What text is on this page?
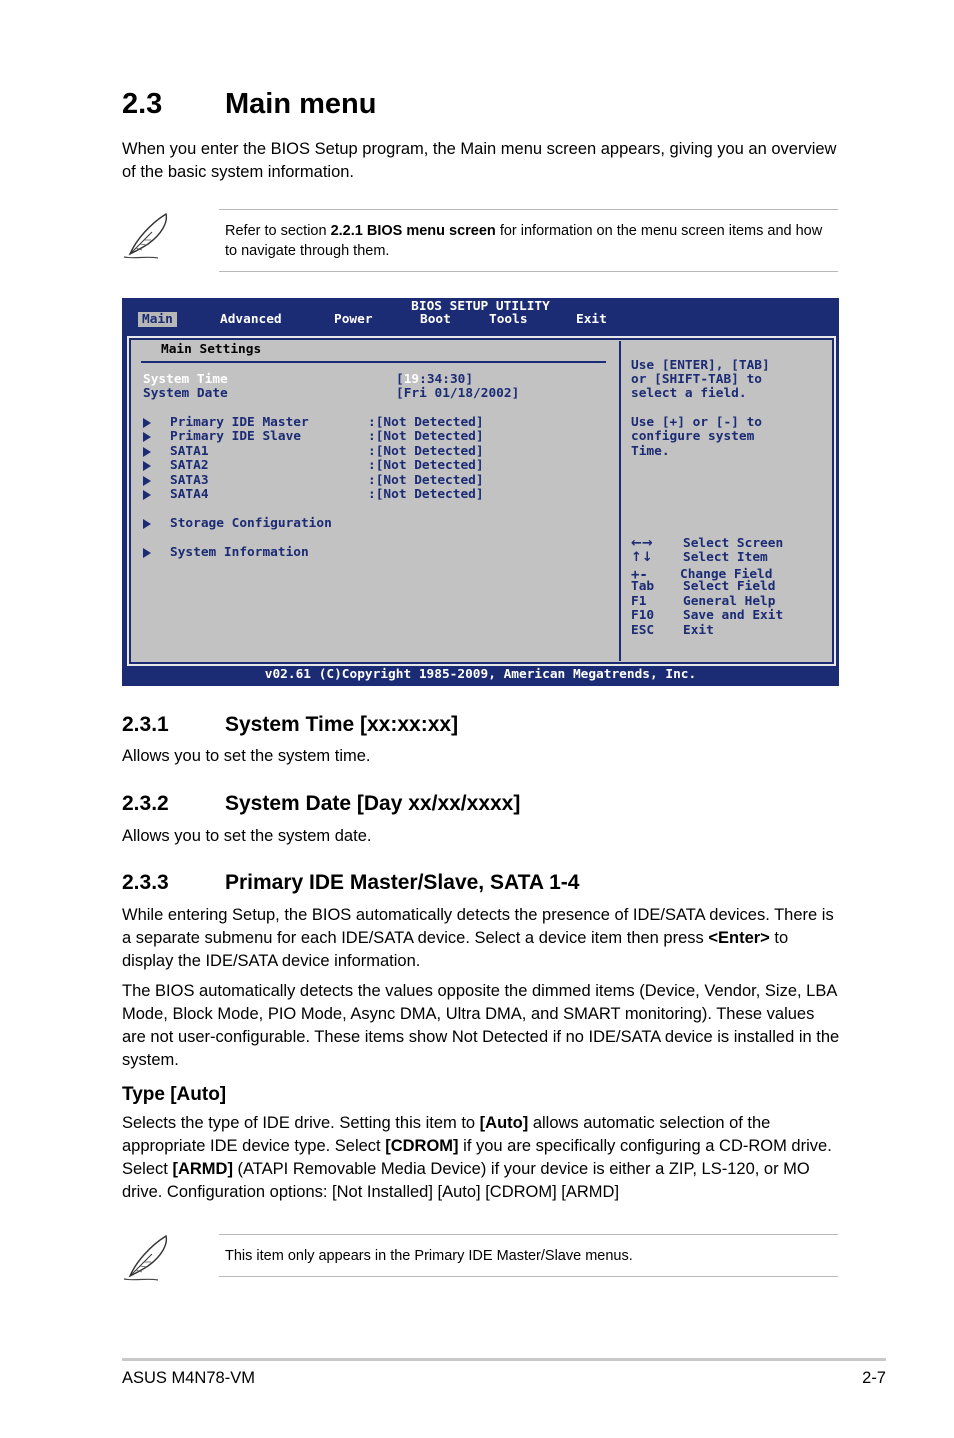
2.3 Main menu

When you enter the BIOS Setup program, the Main menu screen appears, giving you an overview of the basic system information.

Refer to section 2.2.1 BIOS menu screen for information on the menu screen items and how to navigate through them.
BIOS SETUP UTILITY
Main	Advanced	Power	Boot	Tools	Exit
Main Settings
System Time	[19:34:30]
System Date	[Fri 01/18/2002]
Primary IDE Master	:[Not Detected]
Primary IDE Slave	:[Not Detected]
SATA1	:[Not Detected]
SATA2	:[Not Detected]
SATA3	:[Not Detected]
SATA4	:[Not Detected]
Storage Configuration
System Information
Use [ENTER], [TAB]
or [SHIFT-TAB] to
select a field.
Use [+] or [-] to
configure system
Time.
←→ Select Screen
↑↓ Select Item
+-	Change Field
Tab Select Field
F1	General Help
F10 Save and Exit
ESC Exit
v02.61 (C)Copyright 1985-2009, American Megatrends, Inc.
2.3.1	System Time [xx:xx:xx]

Allows you to set the system time.

2.3.2	System Date [Day xx/xx/xxxx]

Allows you to set the system date.

2.3.3	Primary IDE Master/Slave, SATA 1-4

While entering Setup, the BIOS automatically detects the presence of IDE/SATA devices. There is a separate submenu for each IDE/SATA device. Select a device item then press <Enter> to display the IDE/SATA device information.

The BIOS automatically detects the values opposite the dimmed items (Device, Vendor, Size, LBA Mode, Block Mode, PIO Mode, Async DMA, Ultra DMA, and SMART monitoring). These values are not user-configurable. These items show Not Detected if no IDE/SATA device is installed in the system.

Type [Auto]

Selects the type of IDE drive. Setting this item to [Auto] allows automatic selection of the appropriate IDE device type. Select [CDROM] if you are specifically configuring a CD-ROM drive. Select [ARMD] (ATAPI Removable Media Device) if your device is either a ZIP, LS-120, or MO drive. Configuration options: [Not Installed] [Auto] [CDROM] [ARMD]

This item only appears in the Primary IDE Master/Slave menus.
ASUS M4N78-VM	2-7
